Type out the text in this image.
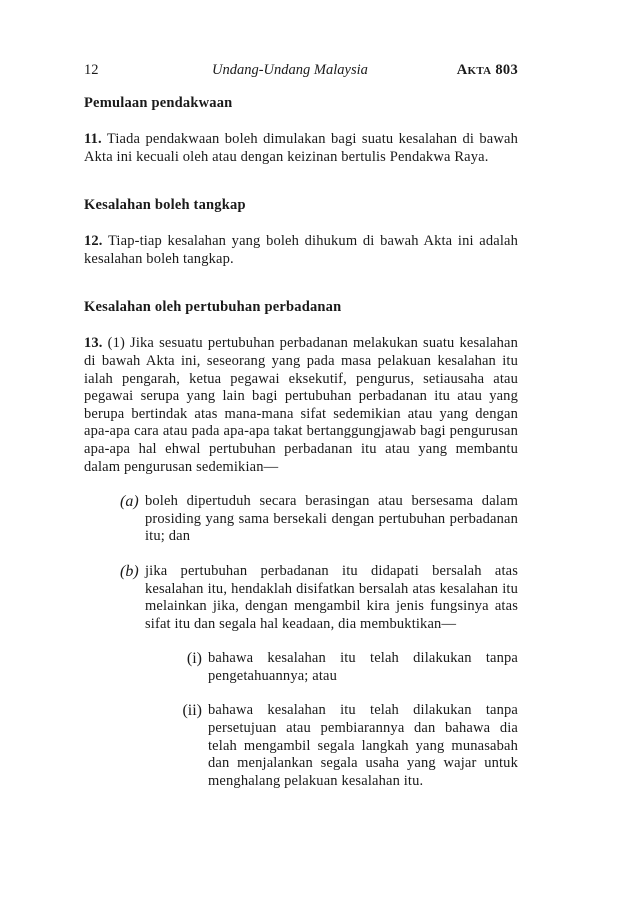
12	Undang-Undang Malaysia	AKTA 803
Pemulaan pendakwaan

11. Tiada pendakwaan boleh dimulakan bagi suatu kesalahan di bawah Akta ini kecuali oleh atau dengan keizinan bertulis Pendakwa Raya.

Kesalahan boleh tangkap

12. Tiap-tiap kesalahan yang boleh dihukum di bawah Akta ini adalah kesalahan boleh tangkap.

Kesalahan oleh pertubuhan perbadanan

13. (1) Jika sesuatu pertubuhan perbadanan melakukan suatu kesalahan di bawah Akta ini, seseorang yang pada masa pelakuan kesalahan itu ialah pengarah, ketua pegawai eksekutif, pengurus, setiausaha atau pegawai serupa yang lain bagi pertubuhan perbadanan itu atau yang berupa bertindak atas mana-mana sifat sedemikian atau yang dengan apa-apa cara atau pada apa-apa takat bertanggungjawab bagi pengurusan apa-apa hal ehwal pertubuhan perbadanan itu atau yang membantu dalam pengurusan sedemikian—

(a) boleh dipertuduh secara berasingan atau bersesama dalam prosiding yang sama bersekali dengan pertubuhan perbadanan itu; dan

(b) jika pertubuhan perbadanan itu didapati bersalah atas kesalahan itu, hendaklah disifatkan bersalah atas kesalahan itu melainkan jika, dengan mengambil kira jenis fungsinya atas sifat itu dan segala hal keadaan, dia membuktikan—

(i) bahawa kesalahan itu telah dilakukan tanpa pengetahuannya; atau

(ii) bahawa kesalahan itu telah dilakukan tanpa persetujuan atau pembiarannya dan bahawa dia telah mengambil segala langkah yang munasabah dan menjalankan segala usaha yang wajar untuk menghalang pelakuan kesalahan itu.
